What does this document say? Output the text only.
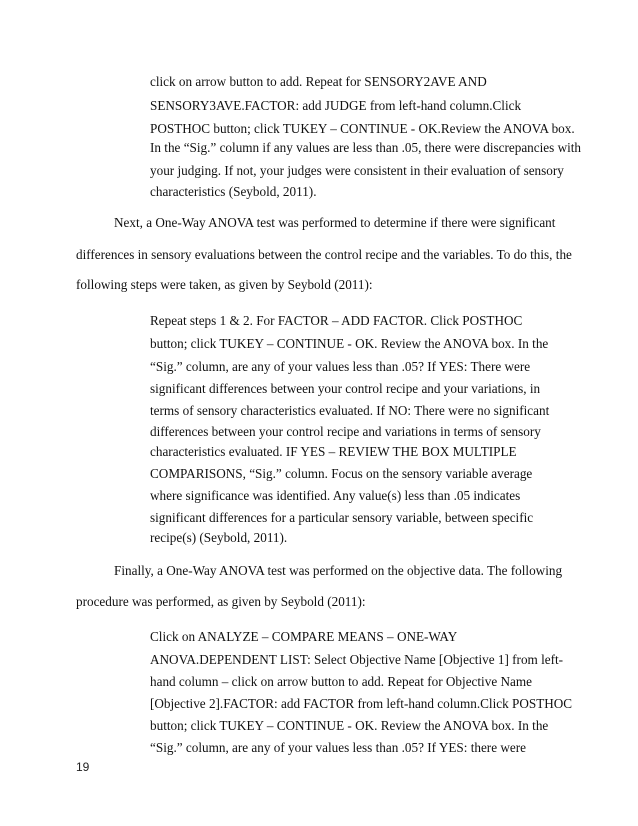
click on arrow button to add. Repeat for SENSORY2AVE AND
SENSORY3AVE.FACTOR: add JUDGE from left-hand column.Click
POSTHOC button; click TUKEY – CONTINUE - OK.Review the ANOVA box.
In the “Sig.” column if any values are less than .05, there were discrepancies with
your judging. If not, your judges were consistent in their evaluation of sensory
characteristics (Seybold, 2011).
Next, a One-Way ANOVA test was performed to determine if there were significant
differences in sensory evaluations between the control recipe and the variables. To do this, the
following steps were taken, as given by Seybold (2011):
Repeat steps 1 & 2. For FACTOR – ADD FACTOR. Click POSTHOC
button; click TUKEY – CONTINUE - OK. Review the ANOVA box. In the
“Sig.” column, are any of your values less than .05? If YES: There were
significant differences between your control recipe and your variations, in
terms of sensory characteristics evaluated. If NO: There were no significant
differences between your control recipe and variations in terms of sensory
characteristics evaluated. IF YES – REVIEW THE BOX MULTIPLE
COMPARISONS, “Sig.” column. Focus on the sensory variable average
where significance was identified. Any value(s) less than .05 indicates
significant differences for a particular sensory variable, between specific
recipe(s) (Seybold, 2011).
Finally, a One-Way ANOVA test was performed on the objective data. The following
procedure was performed, as given by Seybold (2011):
Click on ANALYZE – COMPARE MEANS – ONE-WAY
ANOVA.DEPENDENT LIST: Select Objective Name [Objective 1] from left-
hand column – click on arrow button to add. Repeat for Objective Name
[Objective 2].FACTOR: add FACTOR from left-hand column.Click POSTHOC
button; click TUKEY – CONTINUE - OK. Review the ANOVA box. In the
“Sig.” column, are any of your values less than .05? If YES: there were
19
